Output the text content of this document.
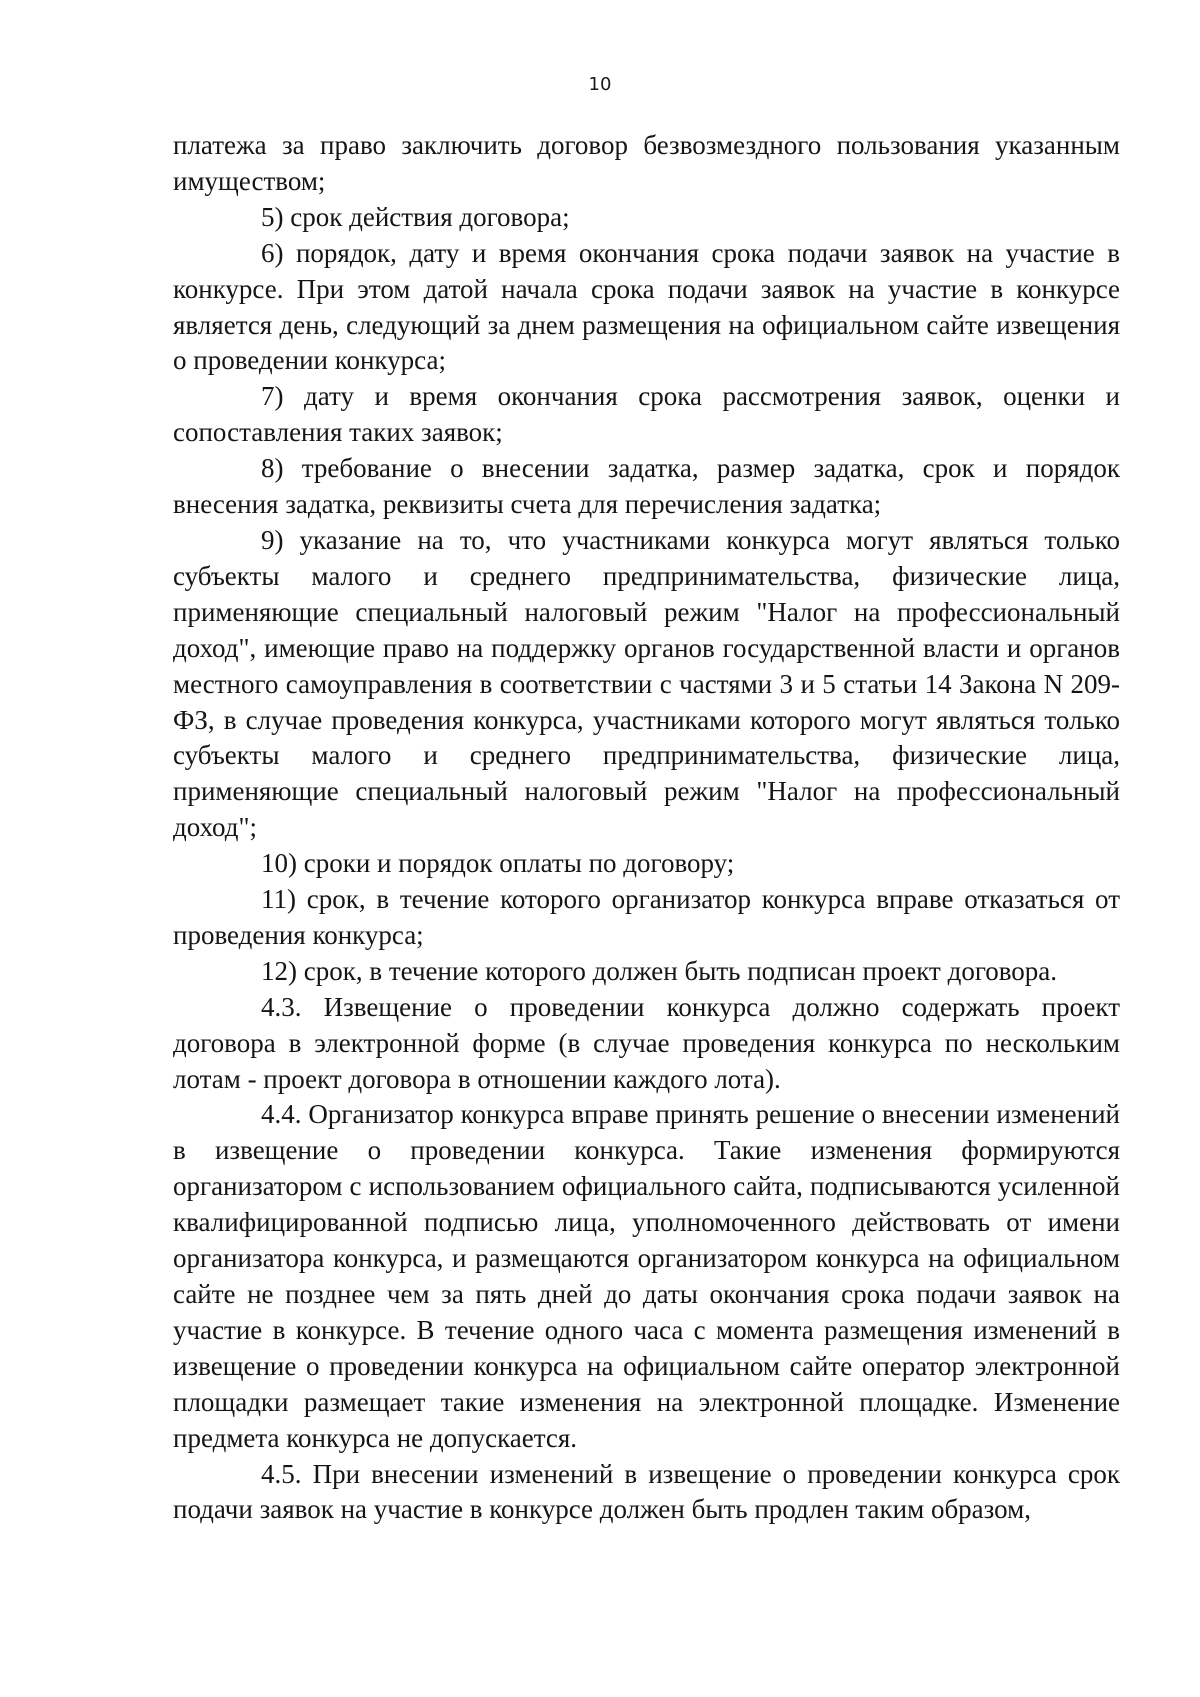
10

платежа за право заключить договор безвозмездного пользования указанным имуществом;

5) срок действия договора;

6) порядок, дату и время окончания срока подачи заявок на участие в конкурсе. При этом датой начала срока подачи заявок на участие в конкурсе является день, следующий за днем размещения на официальном сайте извещения о проведении конкурса;

7) дату и время окончания срока рассмотрения заявок, оценки и сопоставления таких заявок;

8) требование о внесении задатка, размер задатка, срок и порядок внесения задатка, реквизиты счета для перечисления задатка;

9) указание на то, что участниками конкурса могут являться только субъекты малого и среднего предпринимательства, физические лица, применяющие специальный налоговый режим "Налог на профессиональный доход", имеющие право на поддержку органов государственной власти и органов местного самоуправления в соответствии с частями 3 и 5 статьи 14 Закона N 209-ФЗ, в случае проведения конкурса, участниками которого могут являться только субъекты малого и среднего предпринимательства, физические лица, применяющие специальный налоговый режим "Налог на профессиональный доход";

10) сроки и порядок оплаты по договору;

11) срок, в течение которого организатор конкурса вправе отказаться от проведения конкурса;

12) срок, в течение которого должен быть подписан проект договора.

4.3. Извещение о проведении конкурса должно содержать проект договора в электронной форме (в случае проведения конкурса по нескольким лотам - проект договора в отношении каждого лота).

4.4. Организатор конкурса вправе принять решение о внесении изменений в извещение о проведении конкурса. Такие изменения формируются организатором с использованием официального сайта, подписываются усиленной квалифицированной подписью лица, уполномоченного действовать от имени организатора конкурса, и размещаются организатором конкурса на официальном сайте не позднее чем за пять дней до даты окончания срока подачи заявок на участие в конкурсе. В течение одного часа с момента размещения изменений в извещение о проведении конкурса на официальном сайте оператор электронной площадки размещает такие изменения на электронной площадке. Изменение предмета конкурса не допускается.

4.5. При внесении изменений в извещение о проведении конкурса срок подачи заявок на участие в конкурсе должен быть продлен таким образом,
